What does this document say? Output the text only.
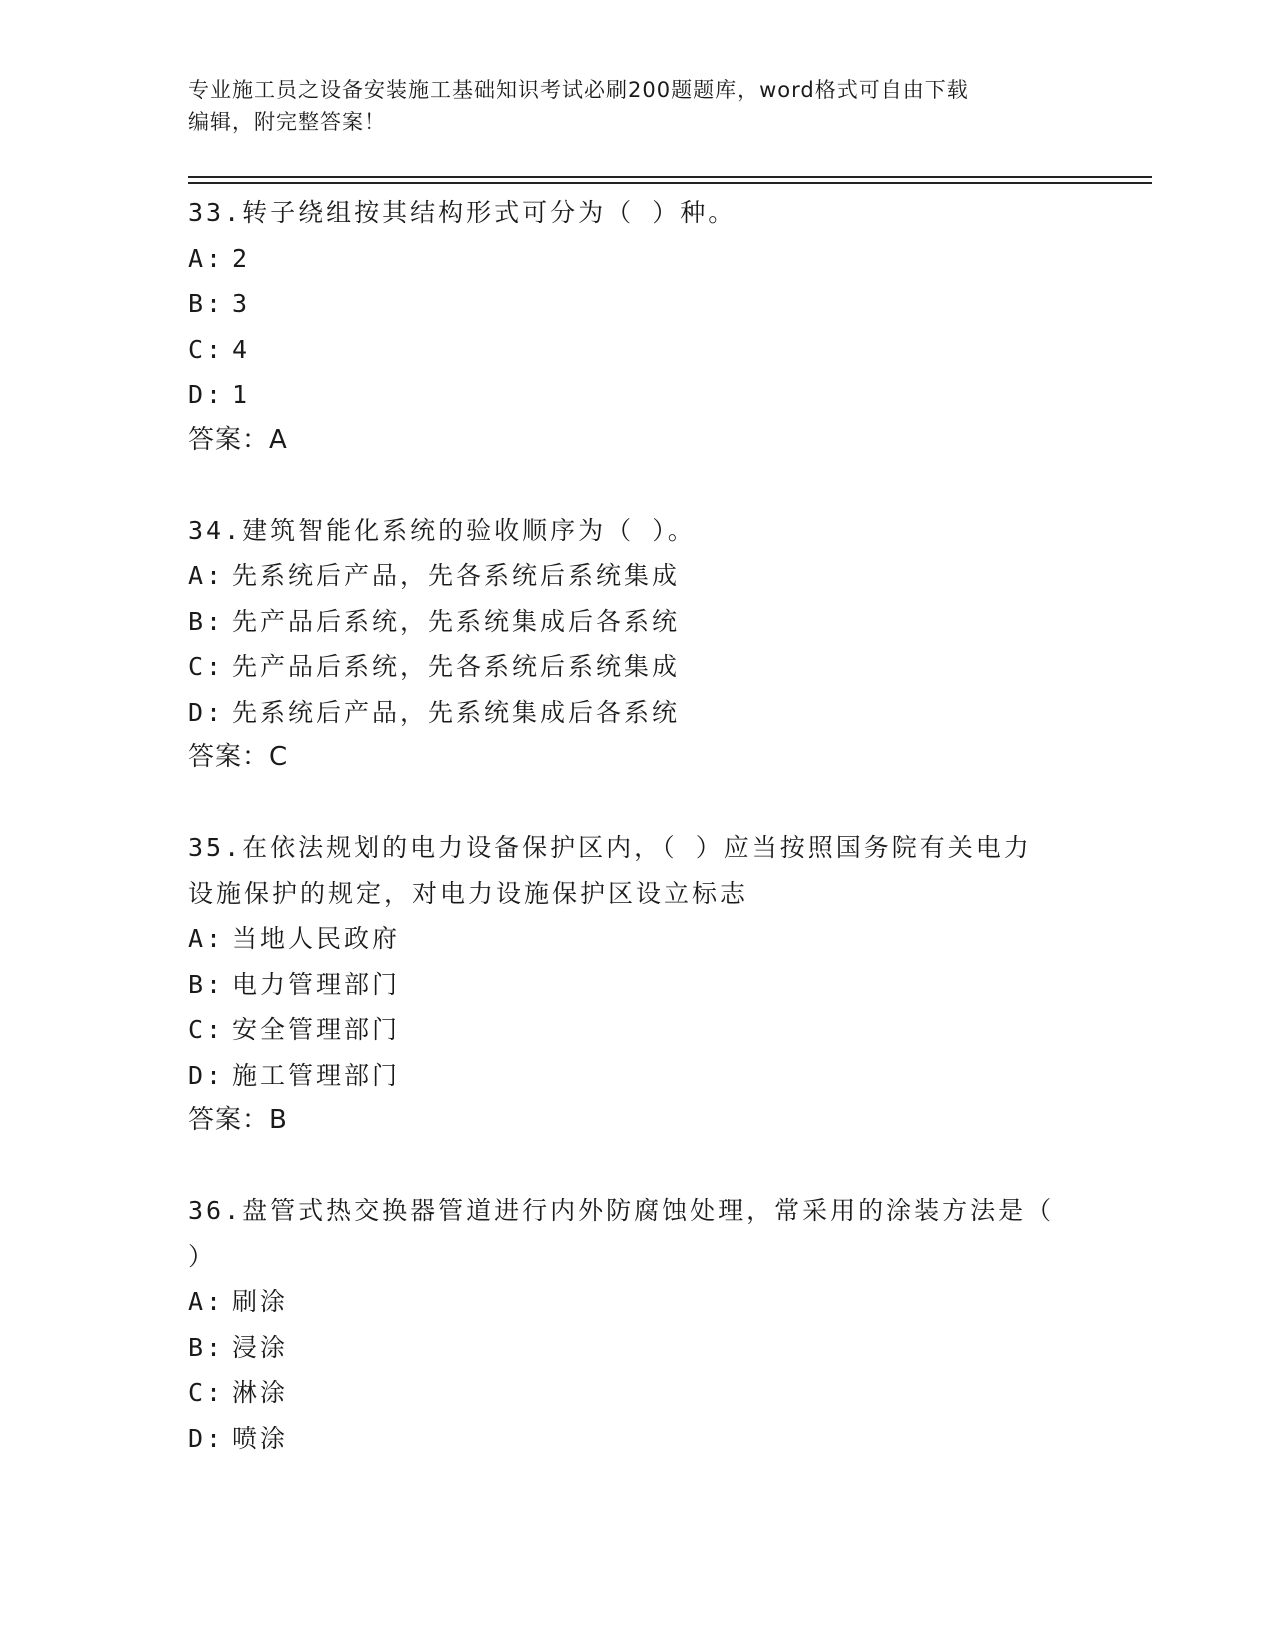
专业施工员之设备安装施工基础知识考试必刷200题题库，word格式可自由下载
编辑，附完整答案！
33.转子绕组按其结构形式可分为（ ）种。
A: 2
B: 3
C: 4
D: 1
答案：A
34.建筑智能化系统的验收顺序为（ ）。
A: 先系统后产品，先各系统后系统集成
B: 先产品后系统，先系统集成后各系统
C: 先产品后系统，先各系统后系统集成
D: 先系统后产品，先系统集成后各系统
答案：C
35.在依法规划的电力设备保护区内，（ ）应当按照国务院有关电力
设施保护的规定，对电力设施保护区设立标志
A: 当地人民政府
B: 电力管理部门
C: 安全管理部门
D: 施工管理部门
答案：B
36.盘管式热交换器管道进行内外防腐蚀处理，常采用的涂装方法是（
）
A: 刷涂
B: 浸涂
C: 淋涂
D: 喷涂
